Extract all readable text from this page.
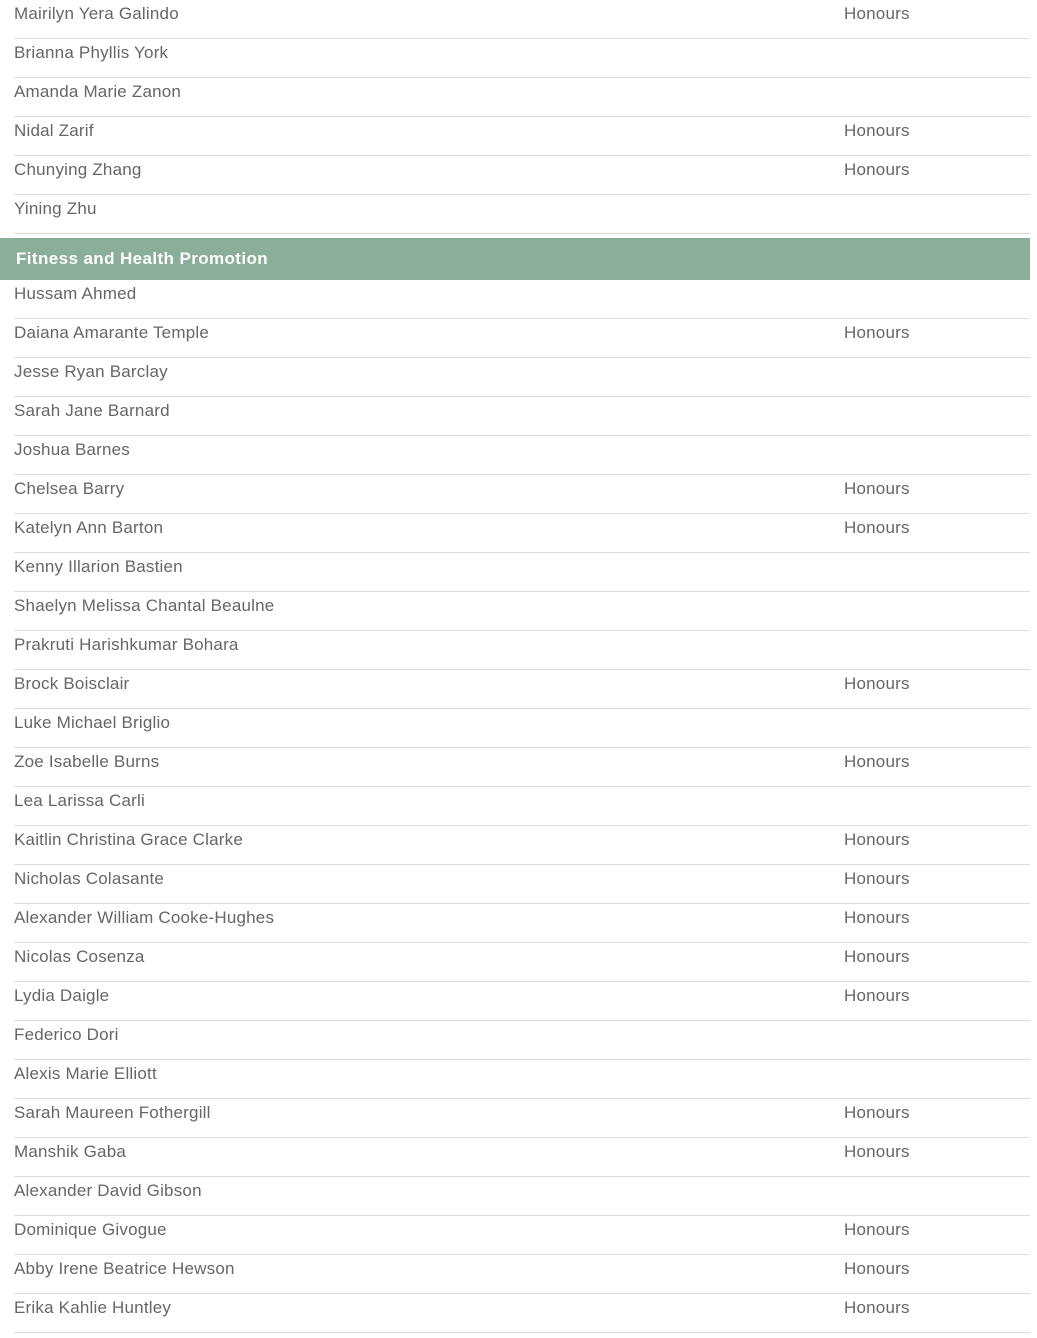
Mairilyn Yera Galindo	Honours
Brianna Phyllis York
Amanda Marie Zanon
Nidal Zarif	Honours
Chunying Zhang	Honours
Yining Zhu
Fitness and Health Promotion
Hussam Ahmed
Daiana Amarante Temple	Honours
Jesse Ryan Barclay
Sarah Jane Barnard
Joshua Barnes
Chelsea Barry	Honours
Katelyn Ann Barton	Honours
Kenny Illarion Bastien
Shaelyn Melissa Chantal Beaulne
Prakruti Harishkumar Bohara
Brock Boisclair	Honours
Luke Michael Briglio
Zoe Isabelle Burns	Honours
Lea Larissa Carli
Kaitlin Christina Grace Clarke	Honours
Nicholas Colasante	Honours
Alexander William Cooke-Hughes	Honours
Nicolas Cosenza	Honours
Lydia Daigle	Honours
Federico Dori
Alexis Marie Elliott
Sarah Maureen Fothergill	Honours
Manshik Gaba	Honours
Alexander David Gibson
Dominique Givogue	Honours
Abby Irene Beatrice Hewson	Honours
Erika Kahlie Huntley	Honours
